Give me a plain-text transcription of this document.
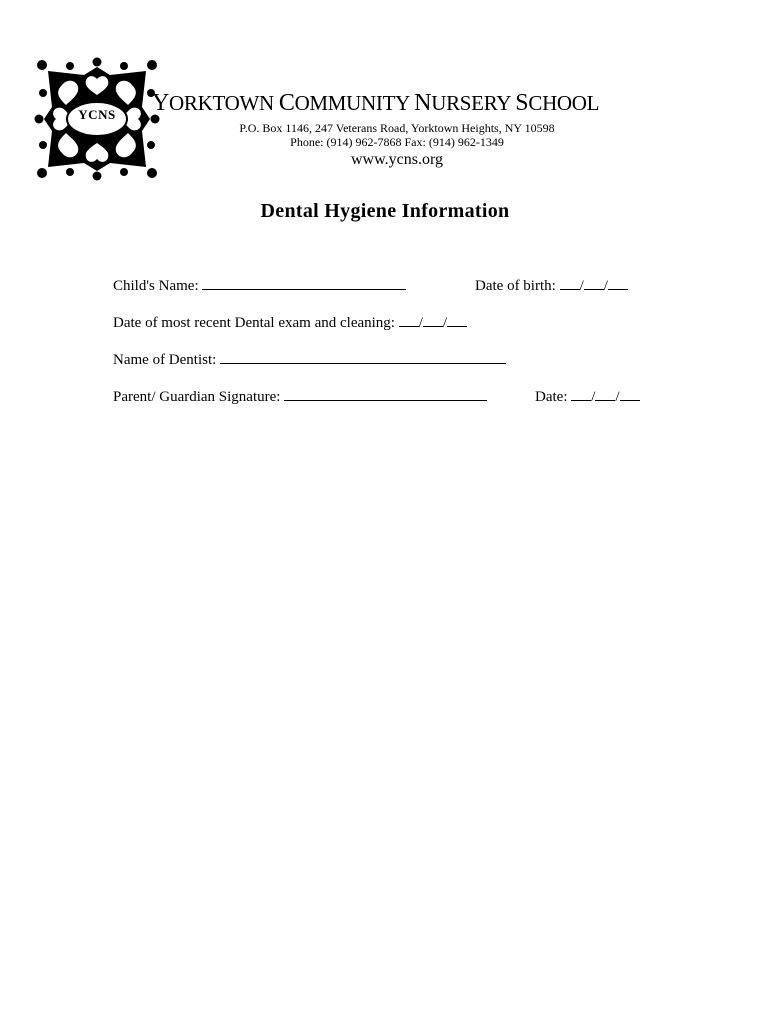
YCNS	YORKTOWN COMMUNITY NURSERY SCHOOL
P.O. Box 1146, 247 Veterans Road, Yorktown Heights, NY 10598
Phone: (914) 962-7868 Fax: (914) 962-1349
www.ycns.org
Dental Hygiene Information
Child's Name:	Date of birth: / /
Date of most recent Dental exam and cleaning: / /
Name of Dentist:
Parent/ Guardian Signature:	Date: / /
